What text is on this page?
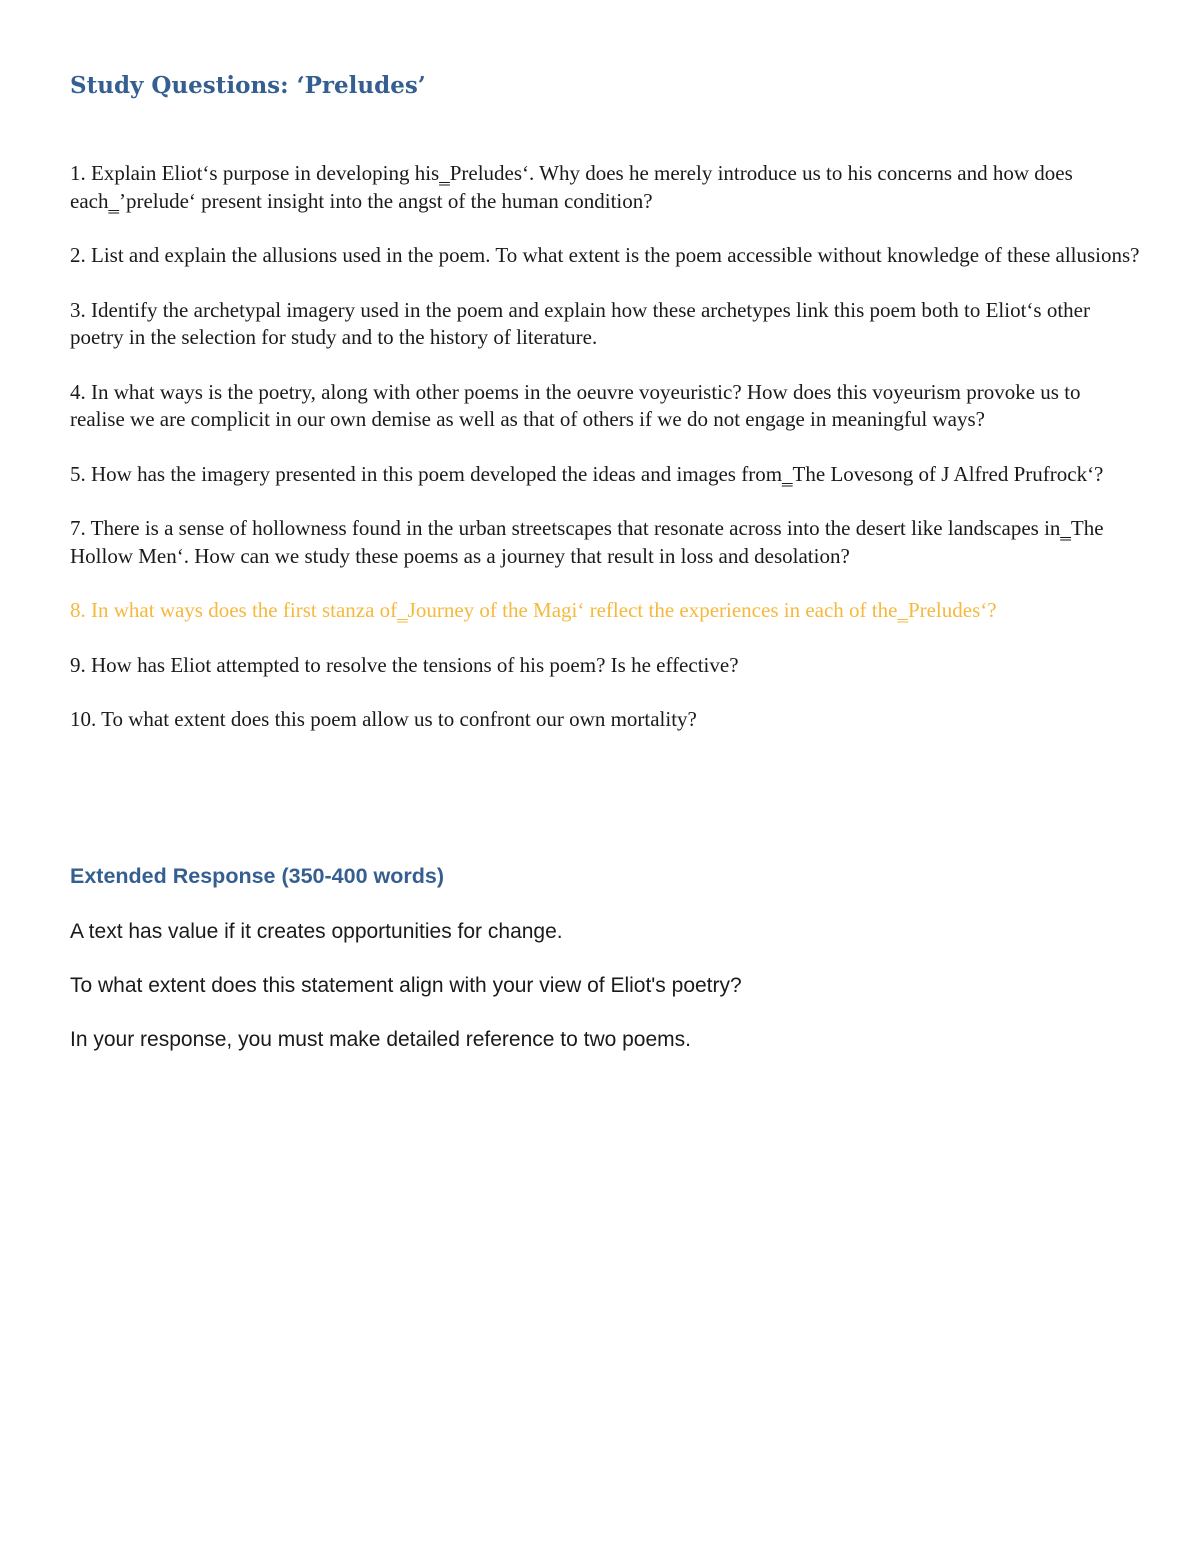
Study Questions: ‘Preludes’
1. Explain Eliot‘s purpose in developing his‗Preludes‘. Why does he merely introduce us to his concerns and how does each‗’prelude‘ present insight into the angst of the human condition?
2. List and explain the allusions used in the poem. To what extent is the poem accessible without knowledge of these allusions?
3. Identify the archetypal imagery used in the poem and explain how these archetypes link this poem both to Eliot‘s other poetry in the selection for study and to the history of literature.
4. In what ways is the poetry, along with other poems in the oeuvre voyeuristic? How does this voyeurism provoke us to realise we are complicit in our own demise as well as that of others if we do not engage in meaningful ways?
5. How has the imagery presented in this poem developed the ideas and images from‗The Lovesong of J Alfred Prufrock‘?
7. There is a sense of hollowness found in the urban streetscapes that resonate across into the desert like landscapes in‗The Hollow Men‘. How can we study these poems as a journey that result in loss and desolation?
8. In what ways does the first stanza of‗Journey of the Magi‘ reflect the experiences in each of the‗Preludes‘?
9. How has Eliot attempted to resolve the tensions of his poem? Is he effective?
10. To what extent does this poem allow us to confront our own mortality?
Extended Response (350-400 words)

A text has value if it creates opportunities for change.

To what extent does this statement align with your view of Eliot's poetry?

In your response, you must make detailed reference to two poems.
